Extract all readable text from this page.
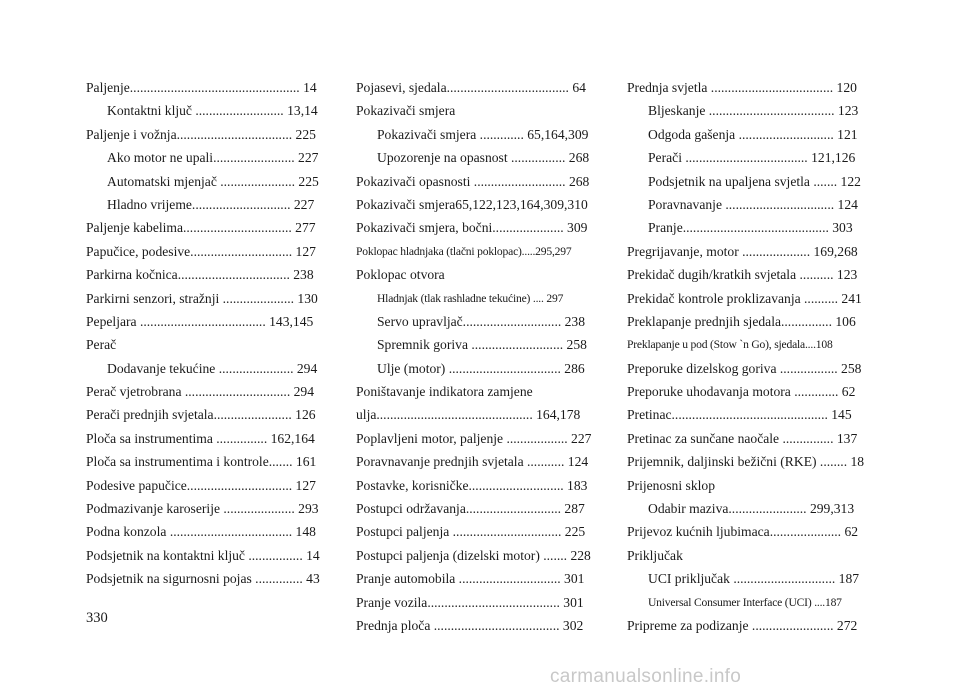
Paljenje.................................................. 14
Kontaktni ključ .......................... 13,14
Paljenje i vožnja.................................. 225
Ako motor ne upali........................ 227
Automatski mjenjač ...................... 225
Hladno vrijeme............................. 227
Paljenje kabelima................................ 277
Papučice, podesive.............................. 127
Parkirna kočnica................................. 238
Parkirni senzori, stražnji ..................... 130
Pepeljara ..................................... 143,145
Perač
Dodavanje tekućine ...................... 294
Perač vjetrobrana ............................... 294
Perači prednjih svjetala....................... 126
Ploča sa instrumentima ............... 162,164
Ploča sa instrumentima i kontrole....... 161
Podesive papučice............................... 127
Podmazivanje karoserije ..................... 293
Podna konzola .................................... 148
Podsjetnik na kontaktni ključ ................ 14
Podsjetnik na sigurnosni pojas .............. 43
Pojasevi, sjedala.................................... 64
Pokazivači smjera
Pokazivači smjera ............. 65,164,309
Upozorenje na opasnost ................ 268
Pokazivači opasnosti ........................... 268
Pokazivači smjera65,122,123,164,309,310
Pokazivači smjera, bočni..................... 309
Poklopac hladnjaka (tlačni poklopac).....295,297
Poklopac otvora
Hladnjak (tlak rashladne tekućine) .... 297
Servo upravljač............................. 238
Spremnik goriva ........................... 258
Ulje (motor) ................................. 286
Poništavanje indikatora zamjene
ulja.............................................. 164,178
Poplavljeni motor, paljenje .................. 227
Poravnavanje prednjih svjetala ........... 124
Postavke, korisničke............................ 183
Postupci održavanja............................ 287
Postupci paljenja ................................ 225
Postupci paljenja (dizelski motor) ....... 228
Pranje automobila .............................. 301
Pranje vozila....................................... 301
Prednja ploča ..................................... 302
Prednja svjetla .................................... 120
Bljeskanje ..................................... 123
Odgoda gašenja ............................ 121
Perači .................................... 121,126
Podsjetnik na upaljena svjetla ....... 122
Poravnavanje ................................ 124
Pranje........................................... 303
Pregrijavanje, motor .................... 169,268
Prekidač dugih/kratkih svjetala .......... 123
Prekidač kontrole proklizavanja .......... 241
Preklapanje prednjih sjedala............... 106
Preklapanje u pod (Stow `n Go), sjedala....108
Preporuke dizelskog goriva ................. 258
Preporuke uhodavanja motora ............. 62
Pretinac.............................................. 145
Pretinac za sunčane naočale ............... 137
Prijemnik, daljinski bežični (RKE) ........ 18
Prijenosni sklop
Odabir maziva....................... 299,313
Prijevoz kućnih ljubimaca..................... 62
Priključak
UCI priključak .............................. 187
Universal Consumer Interface (UCI) ....187
Pripreme za podizanje ........................ 272
330
carmanualsonline.info
